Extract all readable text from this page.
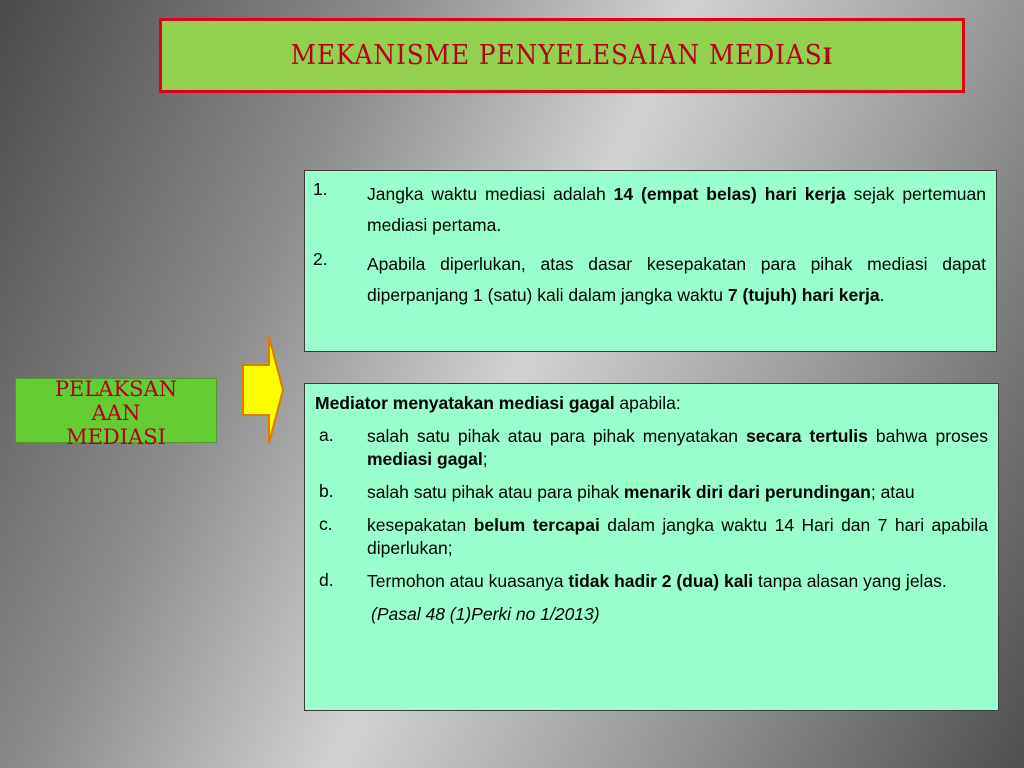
MEKANISME PENYELESAIAN MEDIASI
PELAKSAN
AAN
MEDIASI
1.	Jangka waktu mediasi adalah 14 (empat belas) hari kerja sejak pertemuan mediasi pertama.
2.	Apabila diperlukan, atas dasar kesepakatan para pihak mediasi dapat diperpanjang 1 (satu) kali dalam jangka waktu 7 (tujuh) hari kerja.
Mediator menyatakan mediasi gagal apabila:
a.	salah satu pihak atau para pihak menyatakan secara tertulis bahwa proses mediasi gagal;
b.	salah satu pihak atau para pihak menarik diri dari perundingan; atau
c.	kesepakatan belum tercapai dalam jangka waktu 14 Hari dan 7 hari apabila diperlukan;
d.	Termohon atau kuasanya tidak hadir 2 (dua) kali tanpa alasan yang jelas.
(Pasal 48 (1)Perki no 1/2013)
